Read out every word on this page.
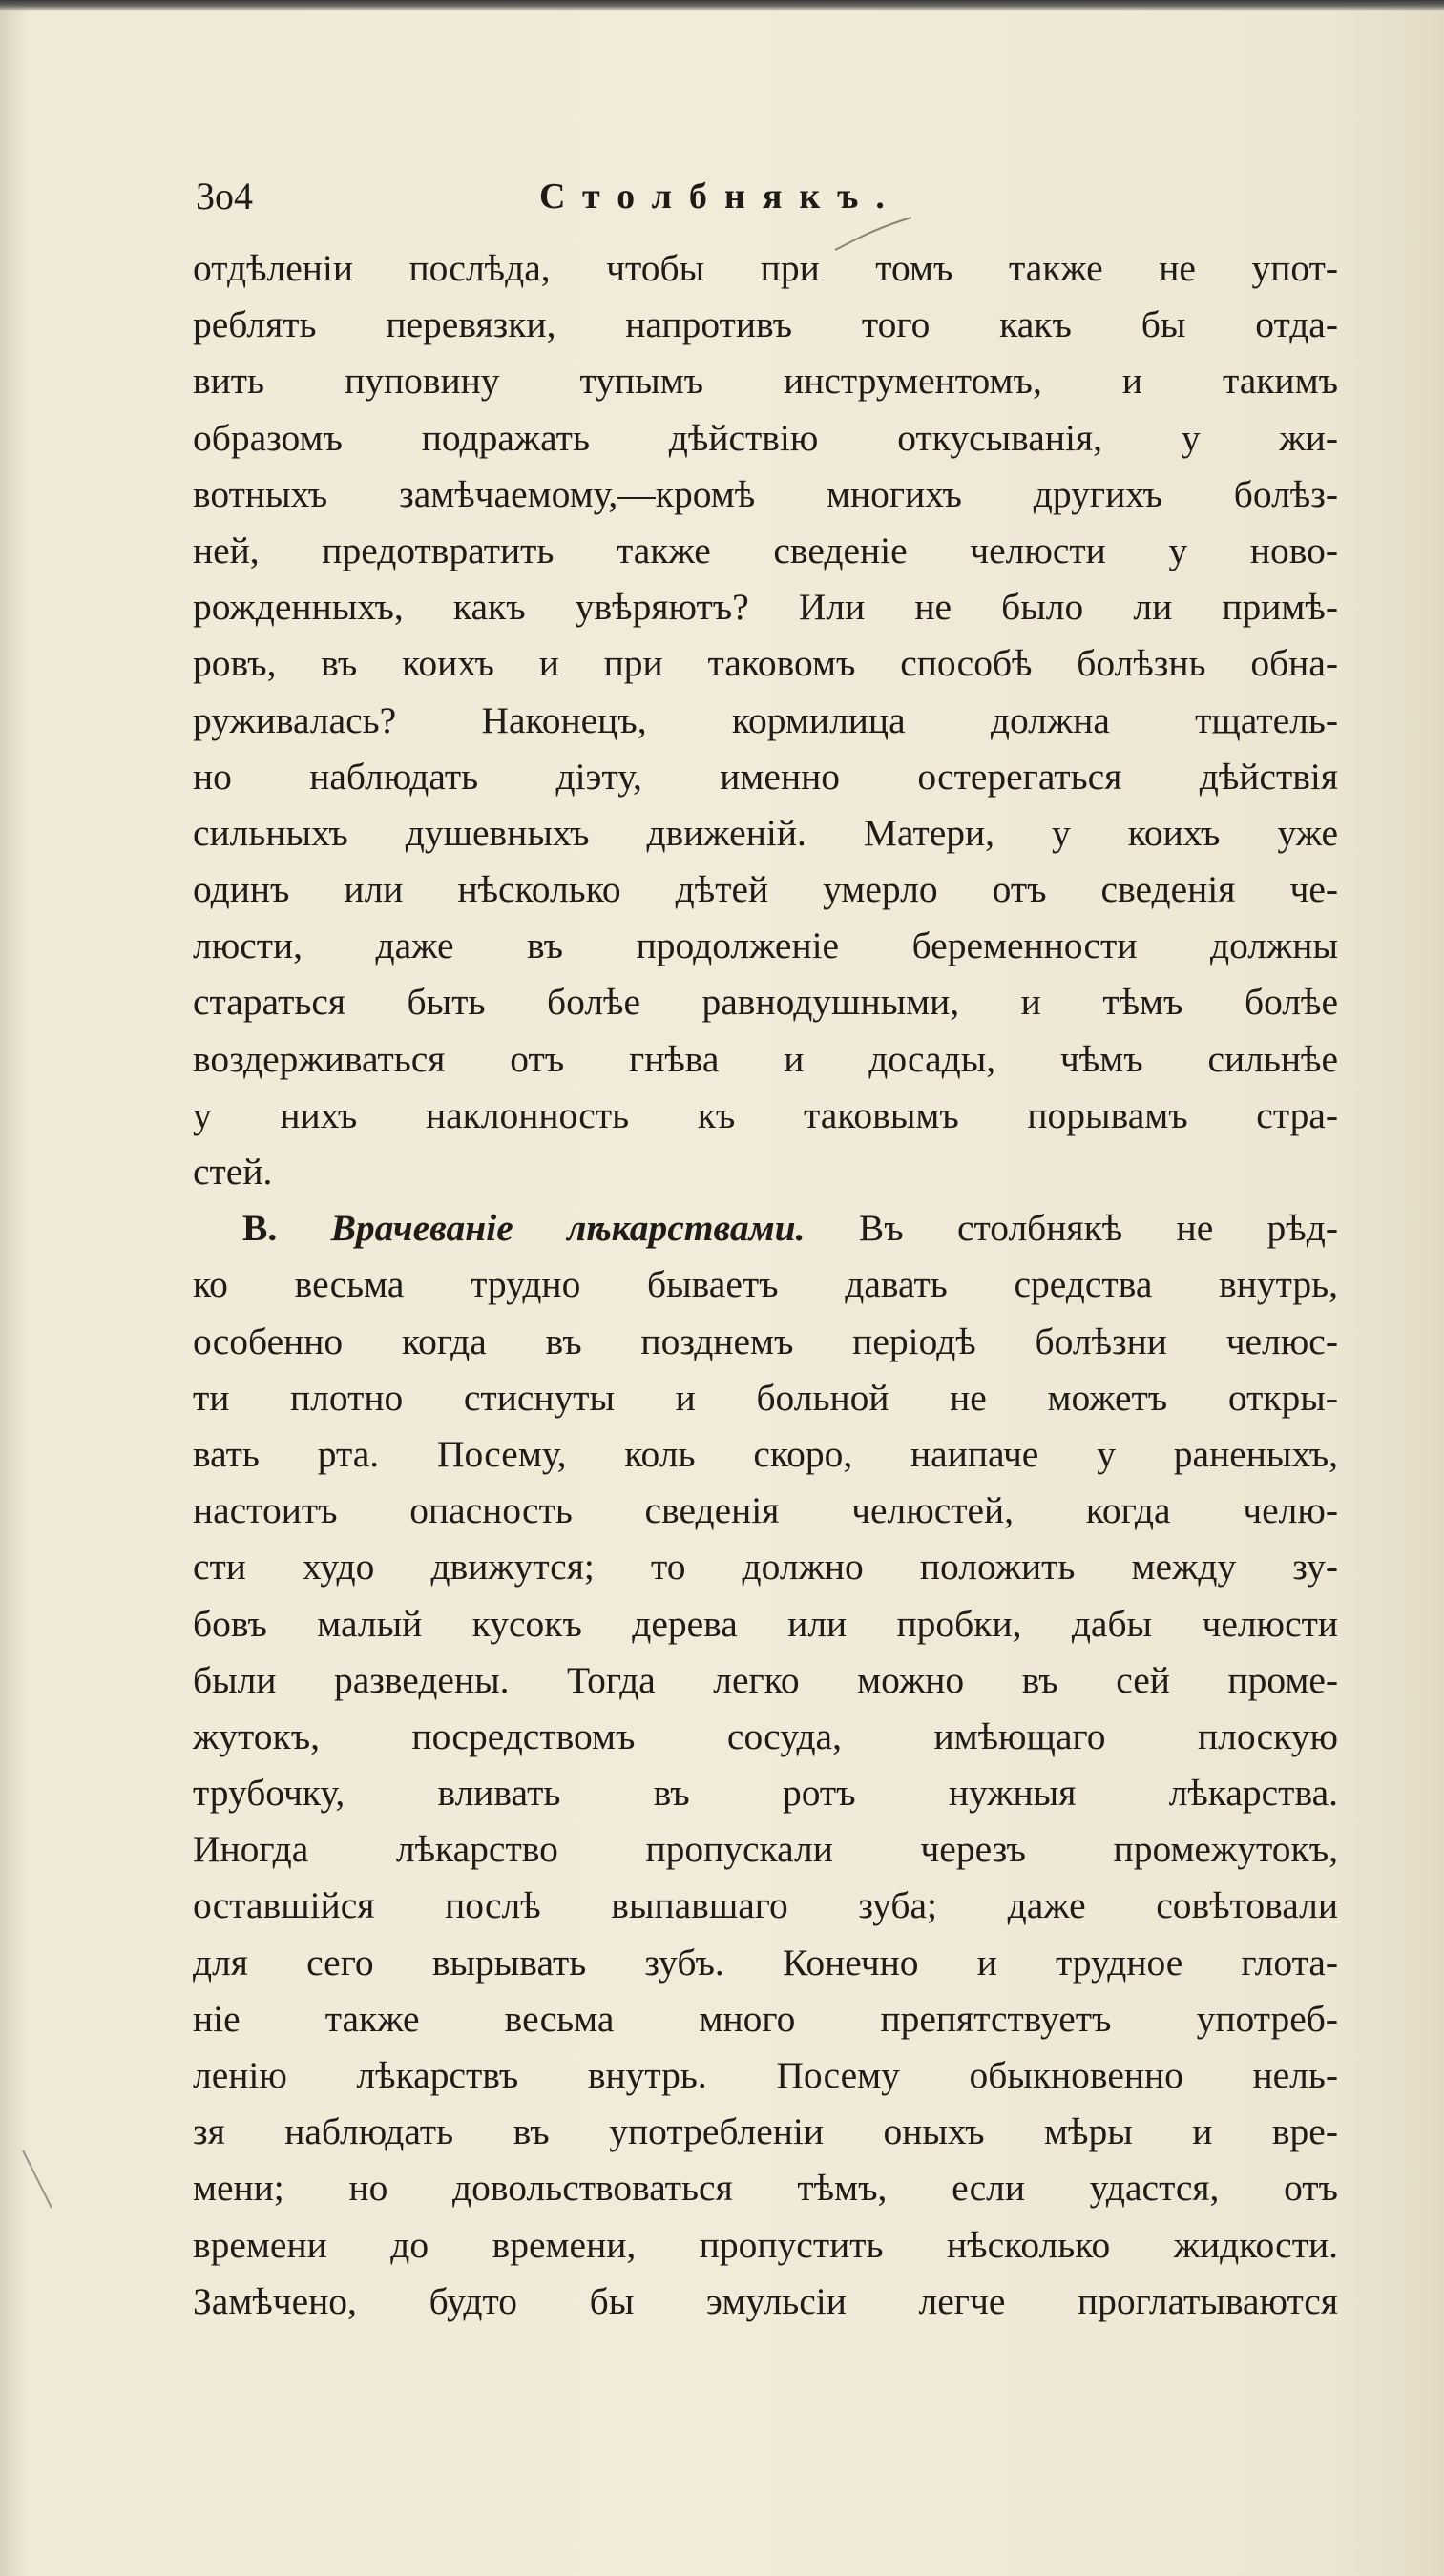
3о4	Столбнякъ.
отдѣленіи послѣда, чтобы при томъ также не упот-
реблять перевязки, напротивъ того какъ бы отда-
вить пуповину тупымъ инструментомъ, и такимъ
образомъ подражать дѣйствію откусыванія, у жи-
вотныхъ замѣчаемому,—кромѣ многихъ другихъ болѣз-
ней, предотвратить также сведеніе челюсти у ново-
рожденныхъ, какъ увѣряютъ? Или не было ли примѣ-
ровъ, въ коихъ и при таковомъ способѣ болѣзнь обна-
руживалась? Наконецъ, кормилица должна тщатель-
но наблюдать діэту, именно остерегаться дѣйствія
сильныхъ душевныхъ движеній. Матери, у коихъ уже
одинъ или нѣсколько дѣтей умерло отъ сведенія че-
люсти, даже въ продолженіе беременности должны
стараться быть болѣе равнодушными, и тѣмъ болѣе
воздерживаться отъ гнѣва и досады, чѣмъ сильнѣе
у нихъ наклонность къ таковымъ порывамъ стра-
стей.
В. Врачеваніе лѣкарствами. Въ столбнякѣ не рѣд-
ко весьма трудно бываетъ давать средства внутрь,
особенно когда въ позднемъ періодѣ болѣзни челюс-
ти плотно стиснуты и больной не можетъ откры-
вать рта. Посему, коль скоро, наипаче у раненыхъ,
настоитъ опасность сведенія челюстей, когда челю-
сти худо движутся; то должно положить между зу-
бовъ малый кусокъ дерева или пробки, дабы челюсти
были разведены. Тогда легко можно въ сей проме-
жутокъ, посредствомъ сосуда, имѣющаго плоскую
трубочку, вливать въ ротъ нужныя лѣкарства.
Иногда лѣкарство пропускали черезъ промежутокъ,
оставшійся послѣ выпавшаго зуба; даже совѣтовали
для сего вырывать зубъ. Конечно и трудное глота-
ніе также весьма много препятствуетъ употреб-
ленію лѣкарствъ внутрь. Посему обыкновенно нель-
зя наблюдать въ употребленіи оныхъ мѣры и вре-
мени; но довольствоваться тѣмъ, если удастся, отъ
времени до времени, пропустить нѣсколько жидкости.
Замѣчено, будто бы эмульсіи легче проглатываются
